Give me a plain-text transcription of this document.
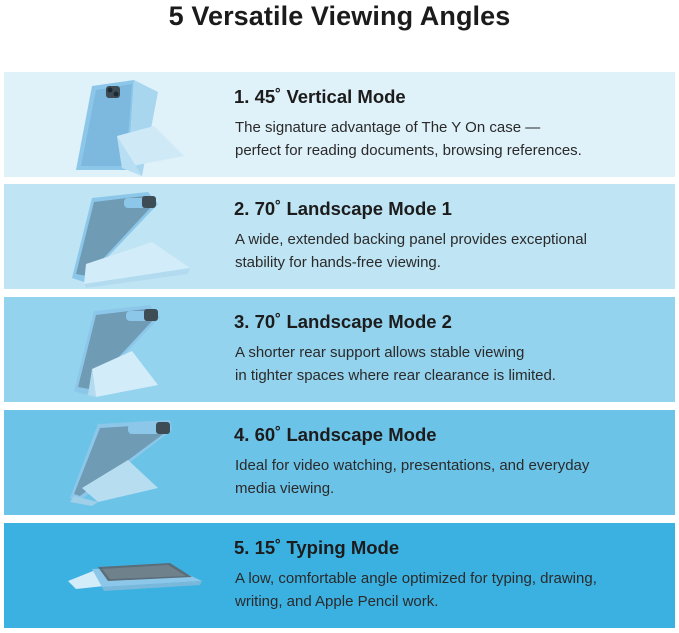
5 Versatile Viewing Angles
1. 45˚ Vertical Mode
The signature advantage of The Y On case —
perfect for reading documents, browsing references.
2. 70˚ Landscape Mode 1
A wide, extended backing panel provides exceptional
stability for hands-free viewing.
3. 70˚ Landscape Mode 2
A shorter rear support allows stable viewing
in tighter spaces where rear clearance is limited.
4. 60˚ Landscape Mode
Ideal for video watching, presentations, and everyday
media viewing.
5. 15˚ Typing Mode
A low, comfortable angle optimized for typing, drawing,
writing, and Apple Pencil work.
